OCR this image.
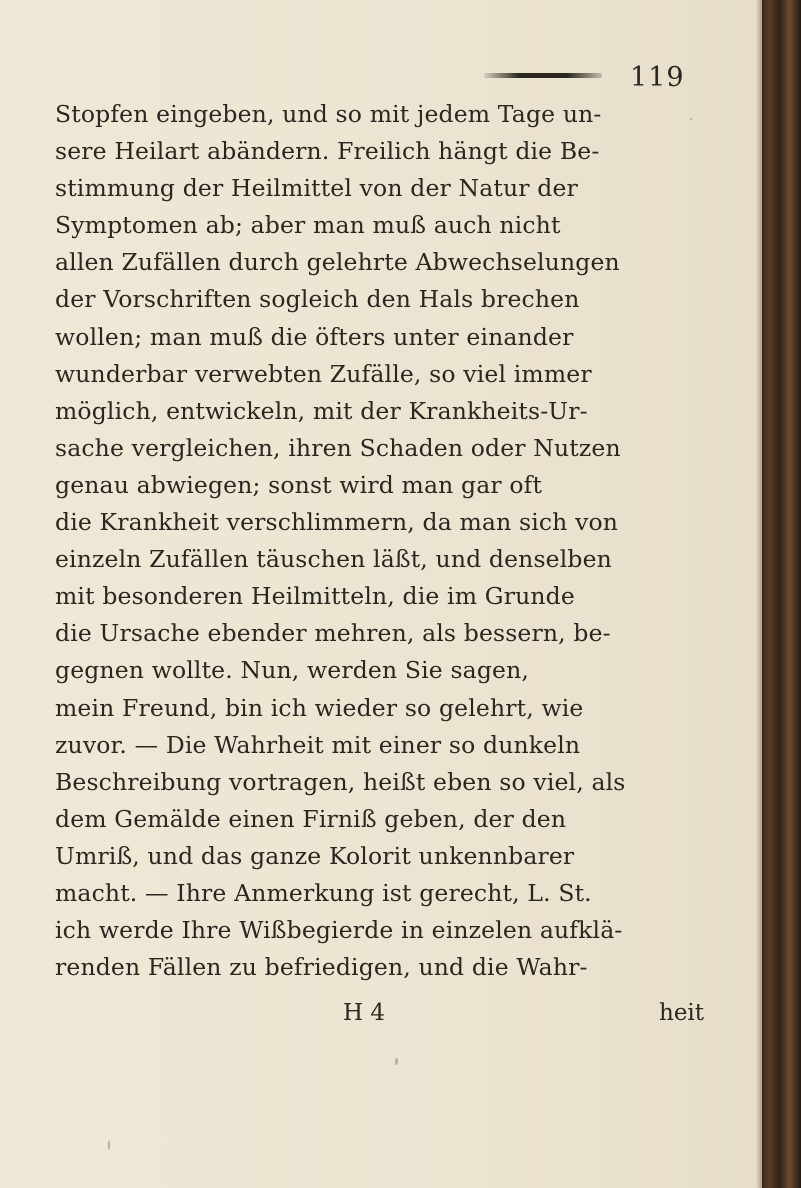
119
Stopfen eingeben, und so mit jedem Tage un-
sere Heilart abändern. Freilich hängt die Be-
stimmung der Heilmittel von der Natur der
Symptomen ab; aber man muß auch nicht
allen Zufällen durch gelehrte Abwechselungen
der Vorschriften sogleich den Hals brechen
wollen; man muß die öfters unter einander
wunderbar verwebten Zufälle, so viel immer
möglich, entwickeln, mit der Krankheits-Ur-
sache vergleichen, ihren Schaden oder Nutzen
genau abwiegen; sonst wird man gar oft
die Krankheit verschlimmern, da man sich von
einzeln Zufällen täuschen läßt, und denselben
mit besonderen Heilmitteln, die im Grunde
die Ursache ebender mehren, als bessern, be-
gegnen wollte. Nun, werden Sie sagen,
mein Freund, bin ich wieder so gelehrt, wie
zuvor. — Die Wahrheit mit einer so dunkeln
Beschreibung vortragen, heißt eben so viel, als
dem Gemälde einen Firniß geben, der den
Umriß, und das ganze Kolorit unkennbarer
macht. — Ihre Anmerkung ist gerecht, L. St.
ich werde Ihre Wißbegierde in einzelen aufklä-
renden Fällen zu befriedigen, und die Wahr-
H 4	heit
